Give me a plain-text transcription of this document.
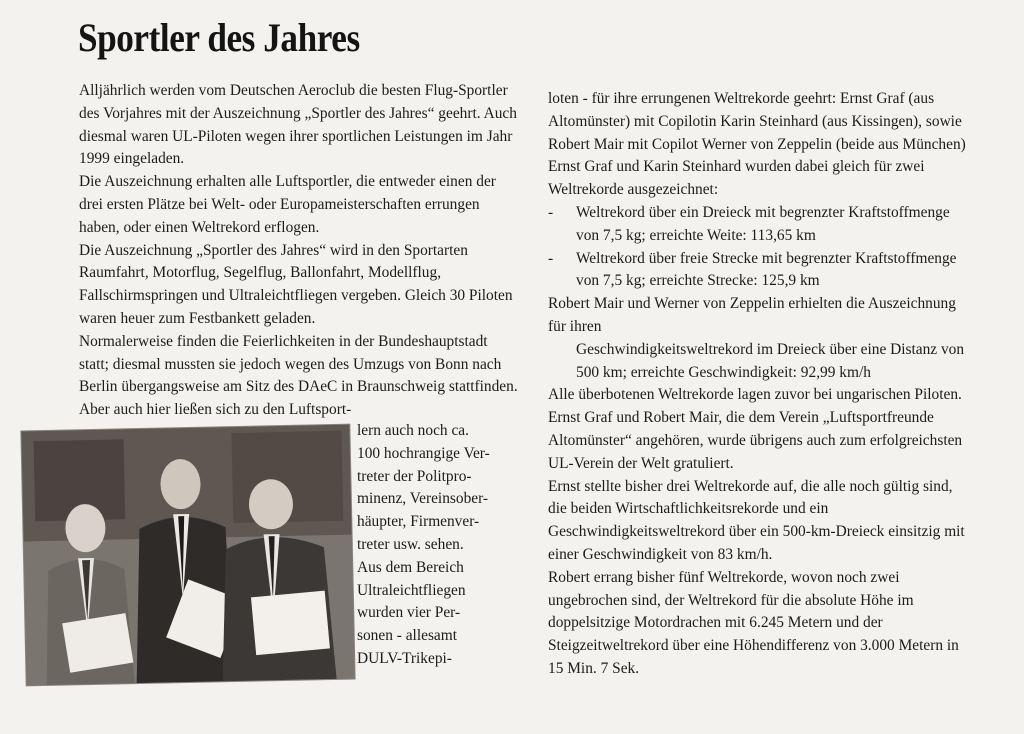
Sportler des Jahres

Alljährlich werden vom Deutschen Aeroclub die besten Flug-Sportler des Vorjahres mit der Auszeichnung „Sportler des Jahres“ geehrt. Auch diesmal waren UL-Piloten wegen ihrer sportlichen Leistungen im Jahr 1999 eingeladen.

Die Auszeichnung erhalten alle Luftsportler, die entweder einen der drei ersten Plätze bei Welt- oder Europameisterschaften errungen haben, oder einen Weltrekord erflogen.

Die Auszeichnung „Sportler des Jahres“ wird in den Sportarten Raumfahrt, Motorflug, Segelflug, Ballonfahrt, Modellflug, Fallschirmspringen und Ultraleichtfliegen vergeben. Gleich 30 Piloten waren heuer zum Festbankett geladen.

Normalerweise finden die Feierlichkeiten in der Bundeshauptstadt statt; diesmal mussten sie jedoch wegen des Umzugs von Bonn nach Berlin übergangsweise am Sitz des DAeC in Braunschweig stattfinden. Aber auch hier ließen sich zu den Luftsport-

lern auch noch ca.
100 hochrangige Ver-
treter der Politpro-
minenz, Vereinsober-
häupter, Firmenver-
treter usw. sehen.
Aus dem Bereich
Ultraleichtfliegen
wurden vier Per-
sonen - allesamt
DULV-Trikepi-

loten - für ihre errungenen Weltrekorde geehrt: Ernst Graf (aus Altomünster) mit Copilotin Karin Steinhard (aus Kissingen), sowie Robert Mair mit Copilot Werner von Zeppelin (beide aus München)

Ernst Graf und Karin Steinhard wurden dabei gleich für zwei Weltrekorde ausgezeichnet:

- Weltrekord über ein Dreieck mit begrenzter Kraftstoffmenge von 7,5 kg; erreichte Weite: 113,65 km
- Weltrekord über freie Strecke mit begrenzter Kraftstoffmenge von 7,5 kg; erreichte Strecke: 125,9 km

Robert Mair und Werner von Zeppelin erhielten die Auszeichnung für ihren

Geschwindigkeitsweltrekord im Dreieck über eine Distanz von 500 km; erreichte Geschwindigkeit: 92,99 km/h

Alle überbotenen Weltrekorde lagen zuvor bei ungarischen Piloten.

Ernst Graf und Robert Mair, die dem Verein „Luftsportfreunde Altomünster“ angehören, wurde übrigens auch zum erfolgreichsten UL-Verein der Welt gratuliert.

Ernst stellte bisher drei Weltrekorde auf, die alle noch gültig sind, die beiden Wirtschaftlichkeitsrekorde und ein Geschwindigkeitsweltrekord über ein 500-km-Dreieck einsitzig mit einer Geschwindigkeit von 83 km/h.

Robert errang bisher fünf Weltrekorde, wovon noch zwei ungebrochen sind, der Weltrekord für die absolute Höhe im doppelsitzige Motordrachen mit 6.245 Metern und der Steigzeitweltrekord über eine Höhendifferenz von 3.000 Metern in 15 Min. 7 Sek.
